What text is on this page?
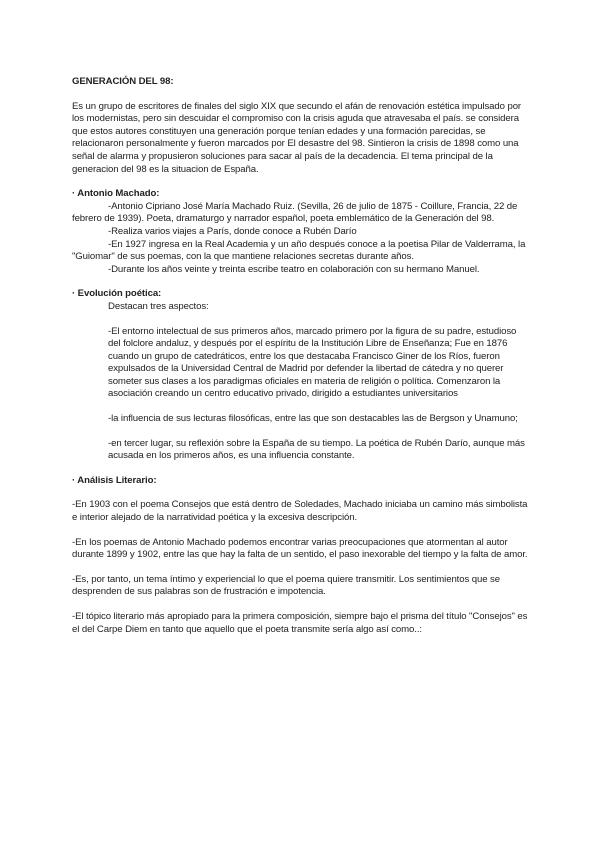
GENERACIÓN DEL 98:

Es un grupo de escritores de finales del siglo XIX que secundo el afán de renovación estética impulsado por los modernistas, pero sin descuidar el compromiso con la crisis aguda que atravesaba el país. se considera que estos autores constituyen una generación porque tenían edades y una formación parecidas, se relacionaron personalmente y fueron marcados por El desastre del 98. Sintieron la crisis de 1898 como una señal de alarma y propusieron soluciones para sacar al país de la decadencia. El tema principal de la generacion del 98 es la situacion de España.

· Antonio Machado:

-Antonio Cipriano José María Machado Ruiz. (Sevilla, 26 de julio de 1875 - Coillure, Francia, 22 de febrero de 1939). Poeta, dramaturgo y narrador español, poeta emblemático de la Generación del 98.

-Realiza varios viajes a París, donde conoce a Rubén Darío

-En 1927 ingresa en la Real Academia y un año después conoce a la poetisa Pilar de Valderrama, la "Guiomar" de sus poemas, con la que mantiene relaciones secretas durante años.

-Durante los años veinte y treinta escribe teatro en colaboración con su hermano Manuel.

· Evolución poética:

Destacan tres aspectos:

-El entorno intelectual de sus primeros años, marcado primero por la figura de su padre, estudioso del folclore andaluz, y después por el espíritu de la Institución Libre de Enseñanza; Fue en 1876 cuando un grupo de catedráticos, entre los que destacaba Francisco Giner de los Ríos, fueron expulsados de la Universidad Central de Madrid por defender la libertad de cátedra y no querer someter sus clases a los paradigmas oficiales en materia de religión o política. Comenzaron la asociación creando un centro educativo privado, dirigido a estudiantes universitarios

-la influencia de sus lecturas filosóficas, entre las que son destacables las de Bergson y Unamuno;

-en tercer lugar, su reflexión sobre la España de su tiempo. La poética de Rubén Darío, aunque más acusada en los primeros años, es una influencia constante.

· Análisis Literario:

-En 1903 con el poema Consejos que está dentro de Soledades, Machado iniciaba un camino más simbolista e interior alejado de la narratividad poética y la excesiva descripción.

-En los poemas de Antonio Machado podemos encontrar varias preocupaciones que atormentan al autor durante 1899 y 1902, entre las que hay la falta de un sentido, el paso inexorable del tiempo y la falta de amor.

-Es, por tanto, un tema íntimo y experiencial lo que el poema quiere transmitir. Los sentimientos que se desprenden de sus palabras son de frustración e impotencia.

-El tópico literario más apropiado para la primera composición, siempre bajo el prisma del título "Consejos" es el del Carpe Diem en tanto que aquello que el poeta transmite sería algo así como..:
